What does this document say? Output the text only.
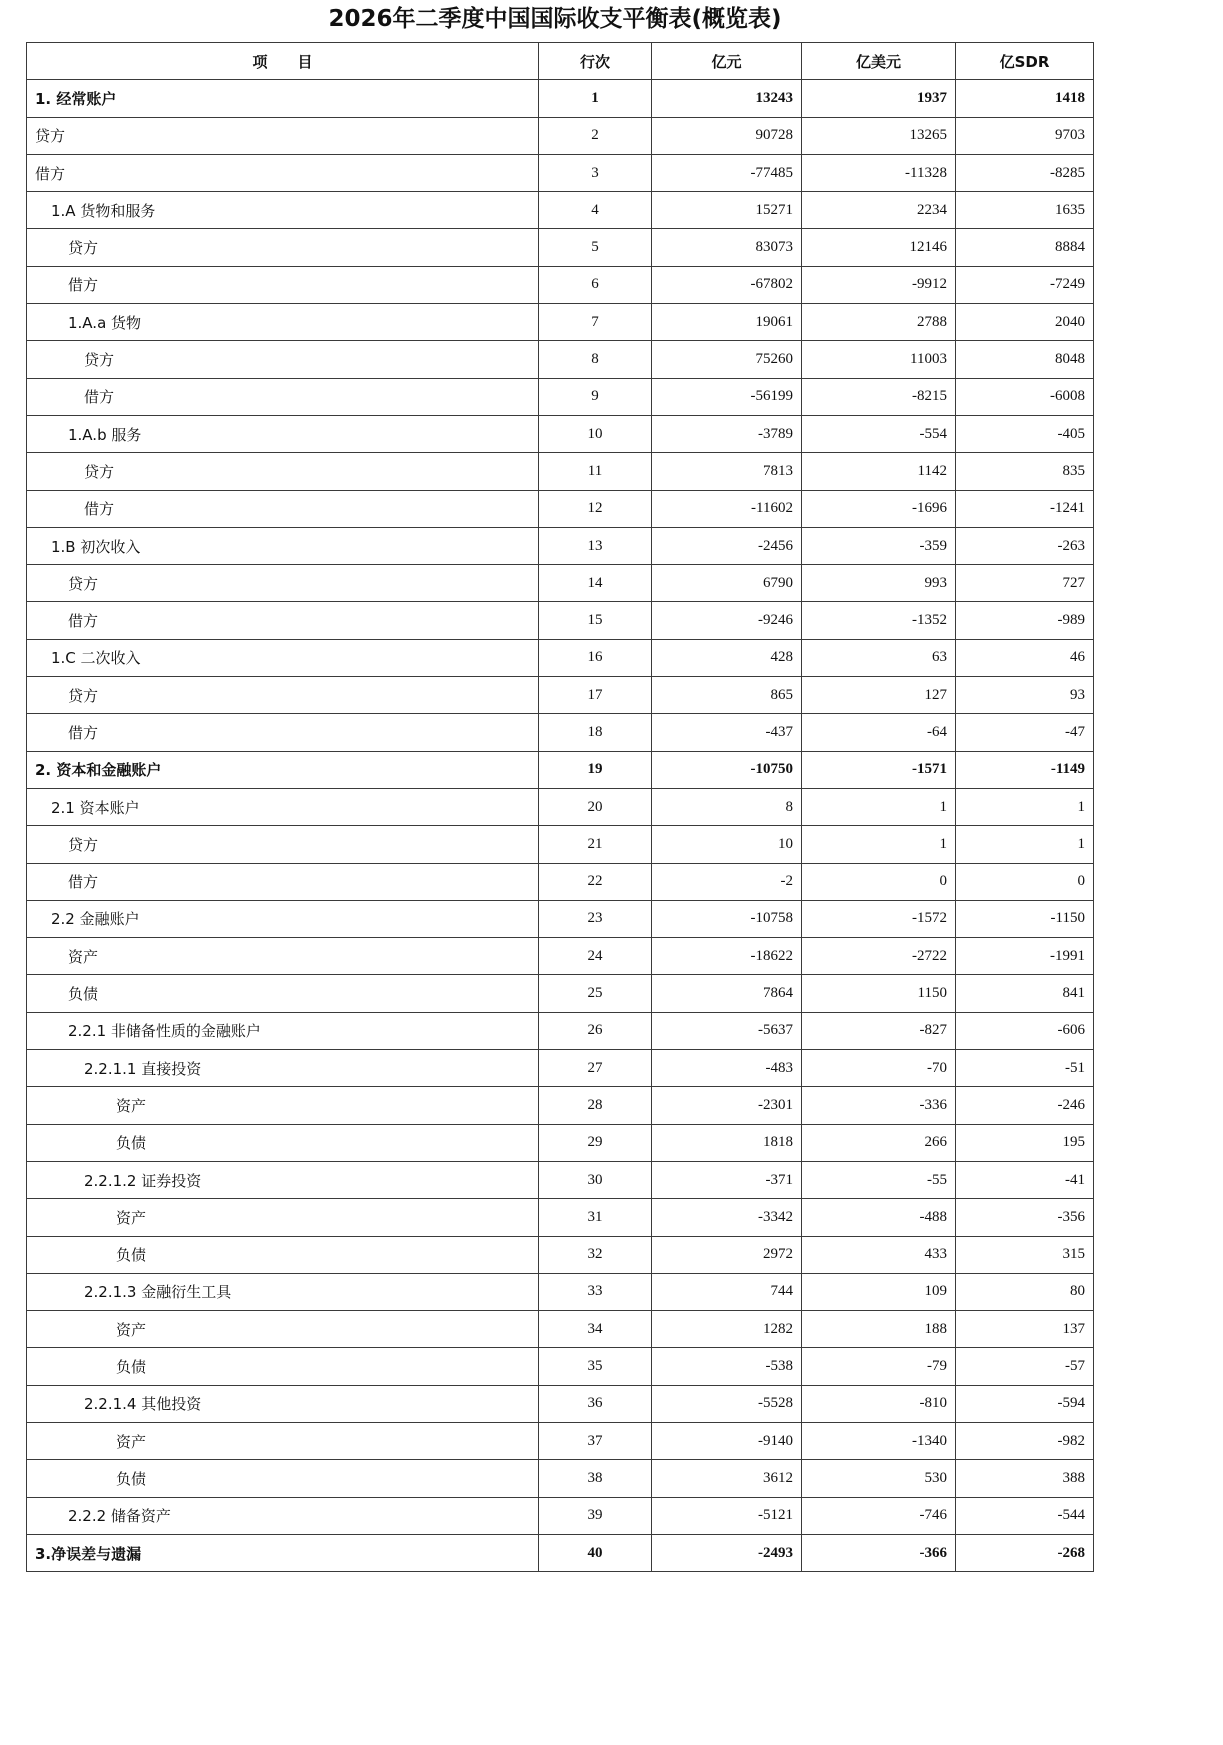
2026年二季度中国国际收支平衡表(概览表)
项　　目	行次	亿元	亿美元	亿SDR
1. 经常账户	1	13243	1937	1418
贷方	2	90728	13265	9703
借方	3	-77485	-11328	-8285
1.A 货物和服务	4	15271	2234	1635
贷方	5	83073	12146	8884
借方	6	-67802	-9912	-7249
1.A.a 货物	7	19061	2788	2040
贷方	8	75260	11003	8048
借方	9	-56199	-8215	-6008
1.A.b 服务	10	-3789	-554	-405
贷方	11	7813	1142	835
借方	12	-11602	-1696	-1241
1.B 初次收入	13	-2456	-359	-263
贷方	14	6790	993	727
借方	15	-9246	-1352	-989
1.C 二次收入	16	428	63	46
贷方	17	865	127	93
借方	18	-437	-64	-47
2. 资本和金融账户	19	-10750	-1571	-1149
2.1 资本账户	20	8	1	1
贷方	21	10	1	1
借方	22	-2	0	0
2.2 金融账户	23	-10758	-1572	-1150
资产	24	-18622	-2722	-1991
负债	25	7864	1150	841
2.2.1 非储备性质的金融账户	26	-5637	-827	-606
2.2.1.1 直接投资	27	-483	-70	-51
资产	28	-2301	-336	-246
负债	29	1818	266	195
2.2.1.2 证券投资	30	-371	-55	-41
资产	31	-3342	-488	-356
负债	32	2972	433	315
2.2.1.3 金融衍生工具	33	744	109	80
资产	34	1282	188	137
负债	35	-538	-79	-57
2.2.1.4 其他投资	36	-5528	-810	-594
资产	37	-9140	-1340	-982
负债	38	3612	530	388
2.2.2 储备资产	39	-5121	-746	-544
3.净误差与遗漏	40	-2493	-366	-268
